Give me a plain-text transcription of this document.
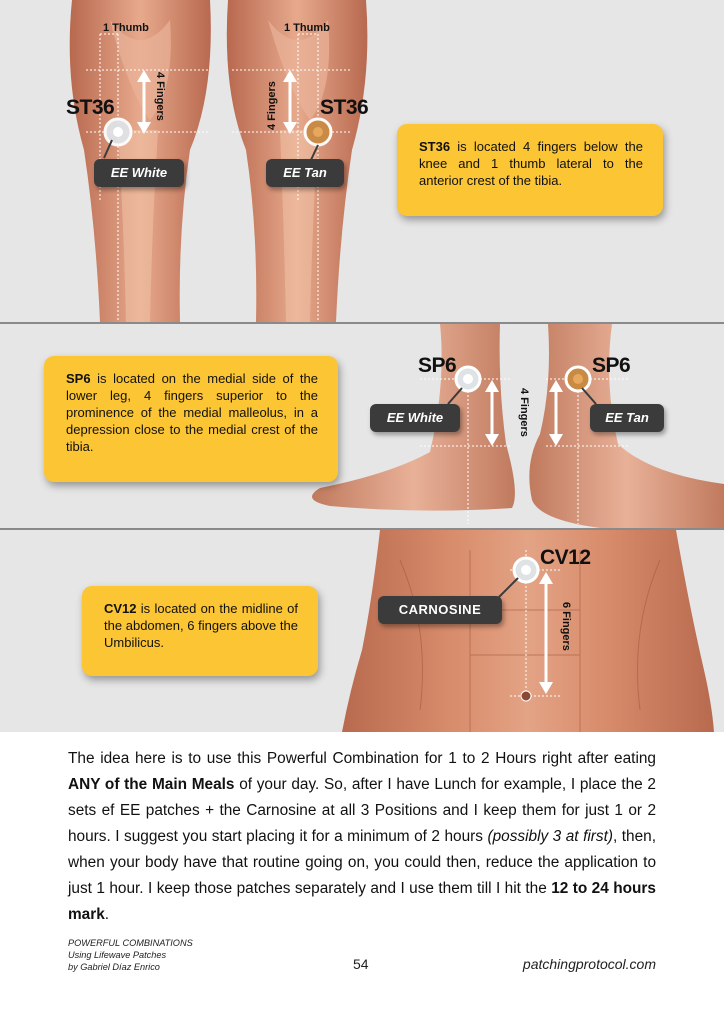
1 Thumb	1 Thumb
4 Fingers	4 Fingers
ST36	ST36
EE White	EE Tan
ST36 is located 4 fingers below the knee and 1 thumb lateral to the anterior crest of the tibia.
SP6	SP6
4 Fingers
EE White	EE Tan
SP6 is located on the medial side of the lower leg, 4 fingers superior to the prominence of the medial malleolus, in a depression close to the medial crest of the tibia.
CV12
6 Fingers
CARNOSINE
CV12 is located on the midline of the abdomen, 6 fingers above the Umbilicus.
The idea here is to use this Powerful Combination for 1 to 2 Hours right after eating ANY of the Main Meals of your day. So, after I have Lunch for example, I place the 2 sets ef EE patches + the Carnosine at all 3 Positions and I keep them for just 1 or 2 hours. I suggest you start placing it for a minimum of 2 hours (possibly 3 at first), then, when your body have that routine going on, you could then, reduce the application to just 1 hour. I keep those patches separately and I use them till I hit the 12 to 24 hours mark.
POWERFUL COMBINATIONS
Using Lifewave Patches
by Gabriel Díaz Enrico	54	patchingprotocol.com
